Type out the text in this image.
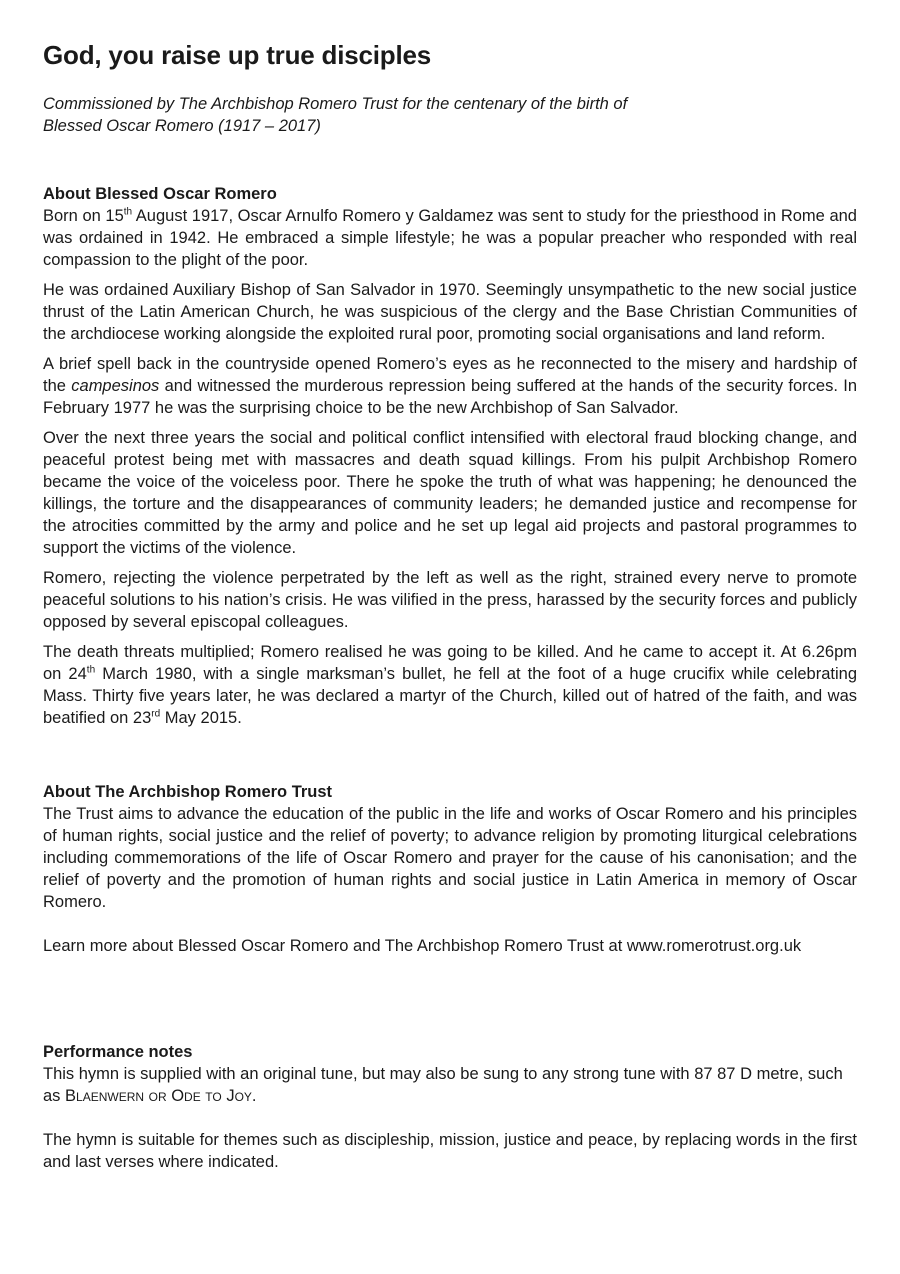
God, you raise up true disciples
Commissioned by The Archbishop Romero Trust for the centenary of the birth of
Blessed Oscar Romero (1917 – 2017)
About Blessed Oscar Romero

Born on 15th August 1917, Oscar Arnulfo Romero y Galdamez was sent to study for the priesthood in Rome and was ordained in 1942. He embraced a simple lifestyle; he was a popular preacher who responded with real compassion to the plight of the poor.

He was ordained Auxiliary Bishop of San Salvador in 1970. Seemingly unsympathetic to the new social justice thrust of the Latin American Church, he was suspicious of the clergy and the Base Christian Communities of the archdiocese working alongside the exploited rural poor, promoting social organisations and land reform.

A brief spell back in the countryside opened Romero’s eyes as he reconnected to the misery and hardship of the campesinos and witnessed the murderous repression being suffered at the hands of the security forces. In February 1977 he was the surprising choice to be the new Archbishop of San Salvador.

Over the next three years the social and political conflict intensified with electoral fraud blocking change, and peaceful protest being met with massacres and death squad killings. From his pulpit Archbishop Romero became the voice of the voiceless poor. There he spoke the truth of what was happening; he denounced the killings, the torture and the disappearances of community leaders; he demanded justice and recompense for the atrocities committed by the army and police and he set up legal aid projects and pastoral programmes to support the victims of the violence.

Romero, rejecting the violence perpetrated by the left as well as the right, strained every nerve to promote peaceful solutions to his nation’s crisis. He was vilified in the press, harassed by the security forces and publicly opposed by several episcopal colleagues.

The death threats multiplied; Romero realised he was going to be killed. And he came to accept it. At 6.26pm on 24th March 1980, with a single marksman’s bullet, he fell at the foot of a huge crucifix while celebrating Mass. Thirty five years later, he was declared a martyr of the Church, killed out of hatred of the faith, and was beatified on 23rd May 2015.

About The Archbishop Romero Trust

The Trust aims to advance the education of the public in the life and works of Oscar Romero and his principles of human rights, social justice and the relief of poverty; to advance religion by promoting liturgical celebrations including commemorations of the life of Oscar Romero and prayer for the cause of his canonisation; and the relief of poverty and the promotion of human rights and social justice in Latin America in memory of Oscar Romero.

Learn more about Blessed Oscar Romero and The Archbishop Romero Trust at www.romerotrust.org.uk

Performance notes

This hymn is supplied with an original tune, but may also be sung to any strong tune with 87 87 D metre, such as Blaenwern or Ode to Joy.

The hymn is suitable for themes such as discipleship, mission, justice and peace, by replacing words in the first and last verses where indicated.
